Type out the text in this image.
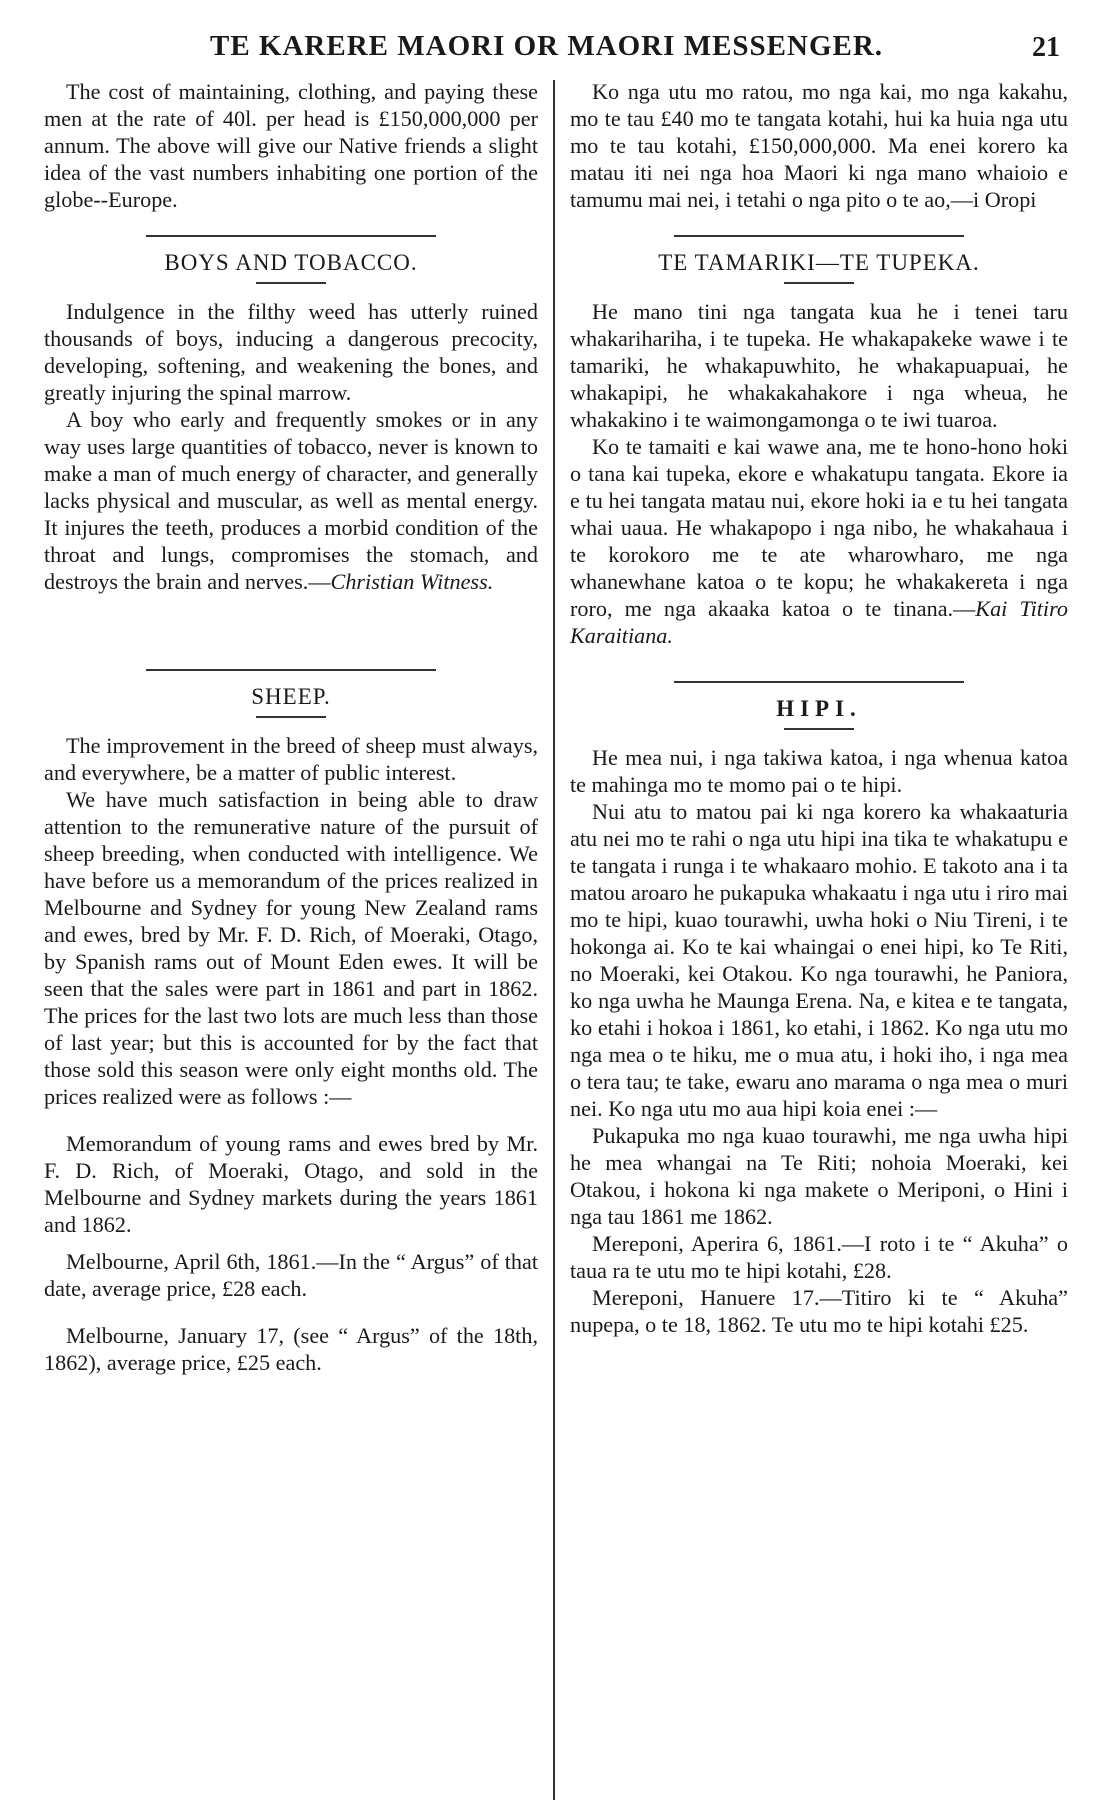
TE KARERE MAORI OR MAORI MESSENGER.	21

The cost of maintaining, clothing, and paying these men at the rate of 40l. per head is £150,000,000 per annum. The above will give our Native friends a slight idea of the vast numbers inhabiting one portion of the globe--Europe.

BOYS AND TOBACCO.

Indulgence in the filthy weed has utterly ruined thousands of boys, inducing a dangerous precocity, developing, softening, and weakening the bones, and greatly injuring the spinal marrow.

A boy who early and frequently smokes or in any way uses large quantities of tobacco, never is known to make a man of much energy of character, and generally lacks physical and muscular, as well as mental energy. It injures the teeth, produces a morbid condition of the throat and lungs, compromises the stomach, and destroys the brain and nerves.—Christian Witness.

SHEEP.

The improvement in the breed of sheep must always, and everywhere, be a matter of public interest.

We have much satisfaction in being able to draw attention to the remunerative nature of the pursuit of sheep breeding, when conducted with intelligence. We have before us a memorandum of the prices realized in Melbourne and Sydney for young New Zealand rams and ewes, bred by Mr. F. D. Rich, of Moeraki, Otago, by Spanish rams out of Mount Eden ewes. It will be seen that the sales were part in 1861 and part in 1862. The prices for the last two lots are much less than those of last year; but this is accounted for by the fact that those sold this season were only eight months old. The prices realized were as follows :—

Memorandum of young rams and ewes bred by Mr. F. D. Rich, of Moeraki, Otago, and sold in the Melbourne and Sydney markets during the years 1861 and 1862.

Melbourne, April 6th, 1861.—In the “ Argus” of that date, average price, £28 each.

Melbourne, January 17, (see “ Argus” of the 18th, 1862), average price, £25 each.

Ko nga utu mo ratou, mo nga kai, mo nga kakahu, mo te tau £40 mo te tangata kotahi, hui ka huia nga utu mo te tau kotahi, £150,000,000. Ma enei korero ka matau iti nei nga hoa Maori ki nga mano whaioio e tamumu mai nei, i tetahi o nga pito o te ao,—i Oropi

TE TAMARIKI—TE TUPEKA.

He mano tini nga tangata kua he i tenei taru whakarihariha, i te tupeka. He whakapakeke wawe i te tamariki, he whakapuwhito, he whakapuapuai, he whakapipi, he whakakahakore i nga wheua, he whakakino i te waimongamonga o te iwi tuaroa.

Ko te tamaiti e kai wawe ana, me te hono-hono hoki o tana kai tupeka, ekore e whakatupu tangata. Ekore ia e tu hei tangata matau nui, ekore hoki ia e tu hei tangata whai uaua. He whakapopo i nga nibo, he whakahaua i te korokoro me te ate wharowharo, me nga whanewhane katoa o te kopu; he whakakereta i nga roro, me nga akaaka katoa o te tinana.—Kai Titiro Karaitiana.

HIPI.

He mea nui, i nga takiwa katoa, i nga whenua katoa te mahinga mo te momo pai o te hipi.

Nui atu to matou pai ki nga korero ka whakaaturia atu nei mo te rahi o nga utu hipi ina tika te whakatupu e te tangata i runga i te whakaaro mohio. E takoto ana i ta matou aroaro he pukapuka whakaatu i nga utu i riro mai mo te hipi, kuao tourawhi, uwha hoki o Niu Tireni, i te hokonga ai. Ko te kai whaingai o enei hipi, ko Te Riti, no Moeraki, kei Otakou. Ko nga tourawhi, he Paniora, ko nga uwha he Maunga Erena. Na, e kitea e te tangata, ko etahi i hokoa i 1861, ko etahi, i 1862. Ko nga utu mo nga mea o te hiku, me o mua atu, i hoki iho, i nga mea o tera tau; te take, ewaru ano marama o nga mea o muri nei. Ko nga utu mo aua hipi koia enei :—

Pukapuka mo nga kuao tourawhi, me nga uwha hipi he mea whangai na Te Riti; nohoia Moeraki, kei Otakou, i hokona ki nga makete o Meriponi, o Hini i nga tau 1861 me 1862.

Mereponi, Aperira 6, 1861.—I roto i te “ Akuha” o taua ra te utu mo te hipi kotahi, £28.

Mereponi, Hanuere 17.—Titiro ki te “ Akuha” nupepa, o te 18, 1862. Te utu mo te hipi kotahi £25.
